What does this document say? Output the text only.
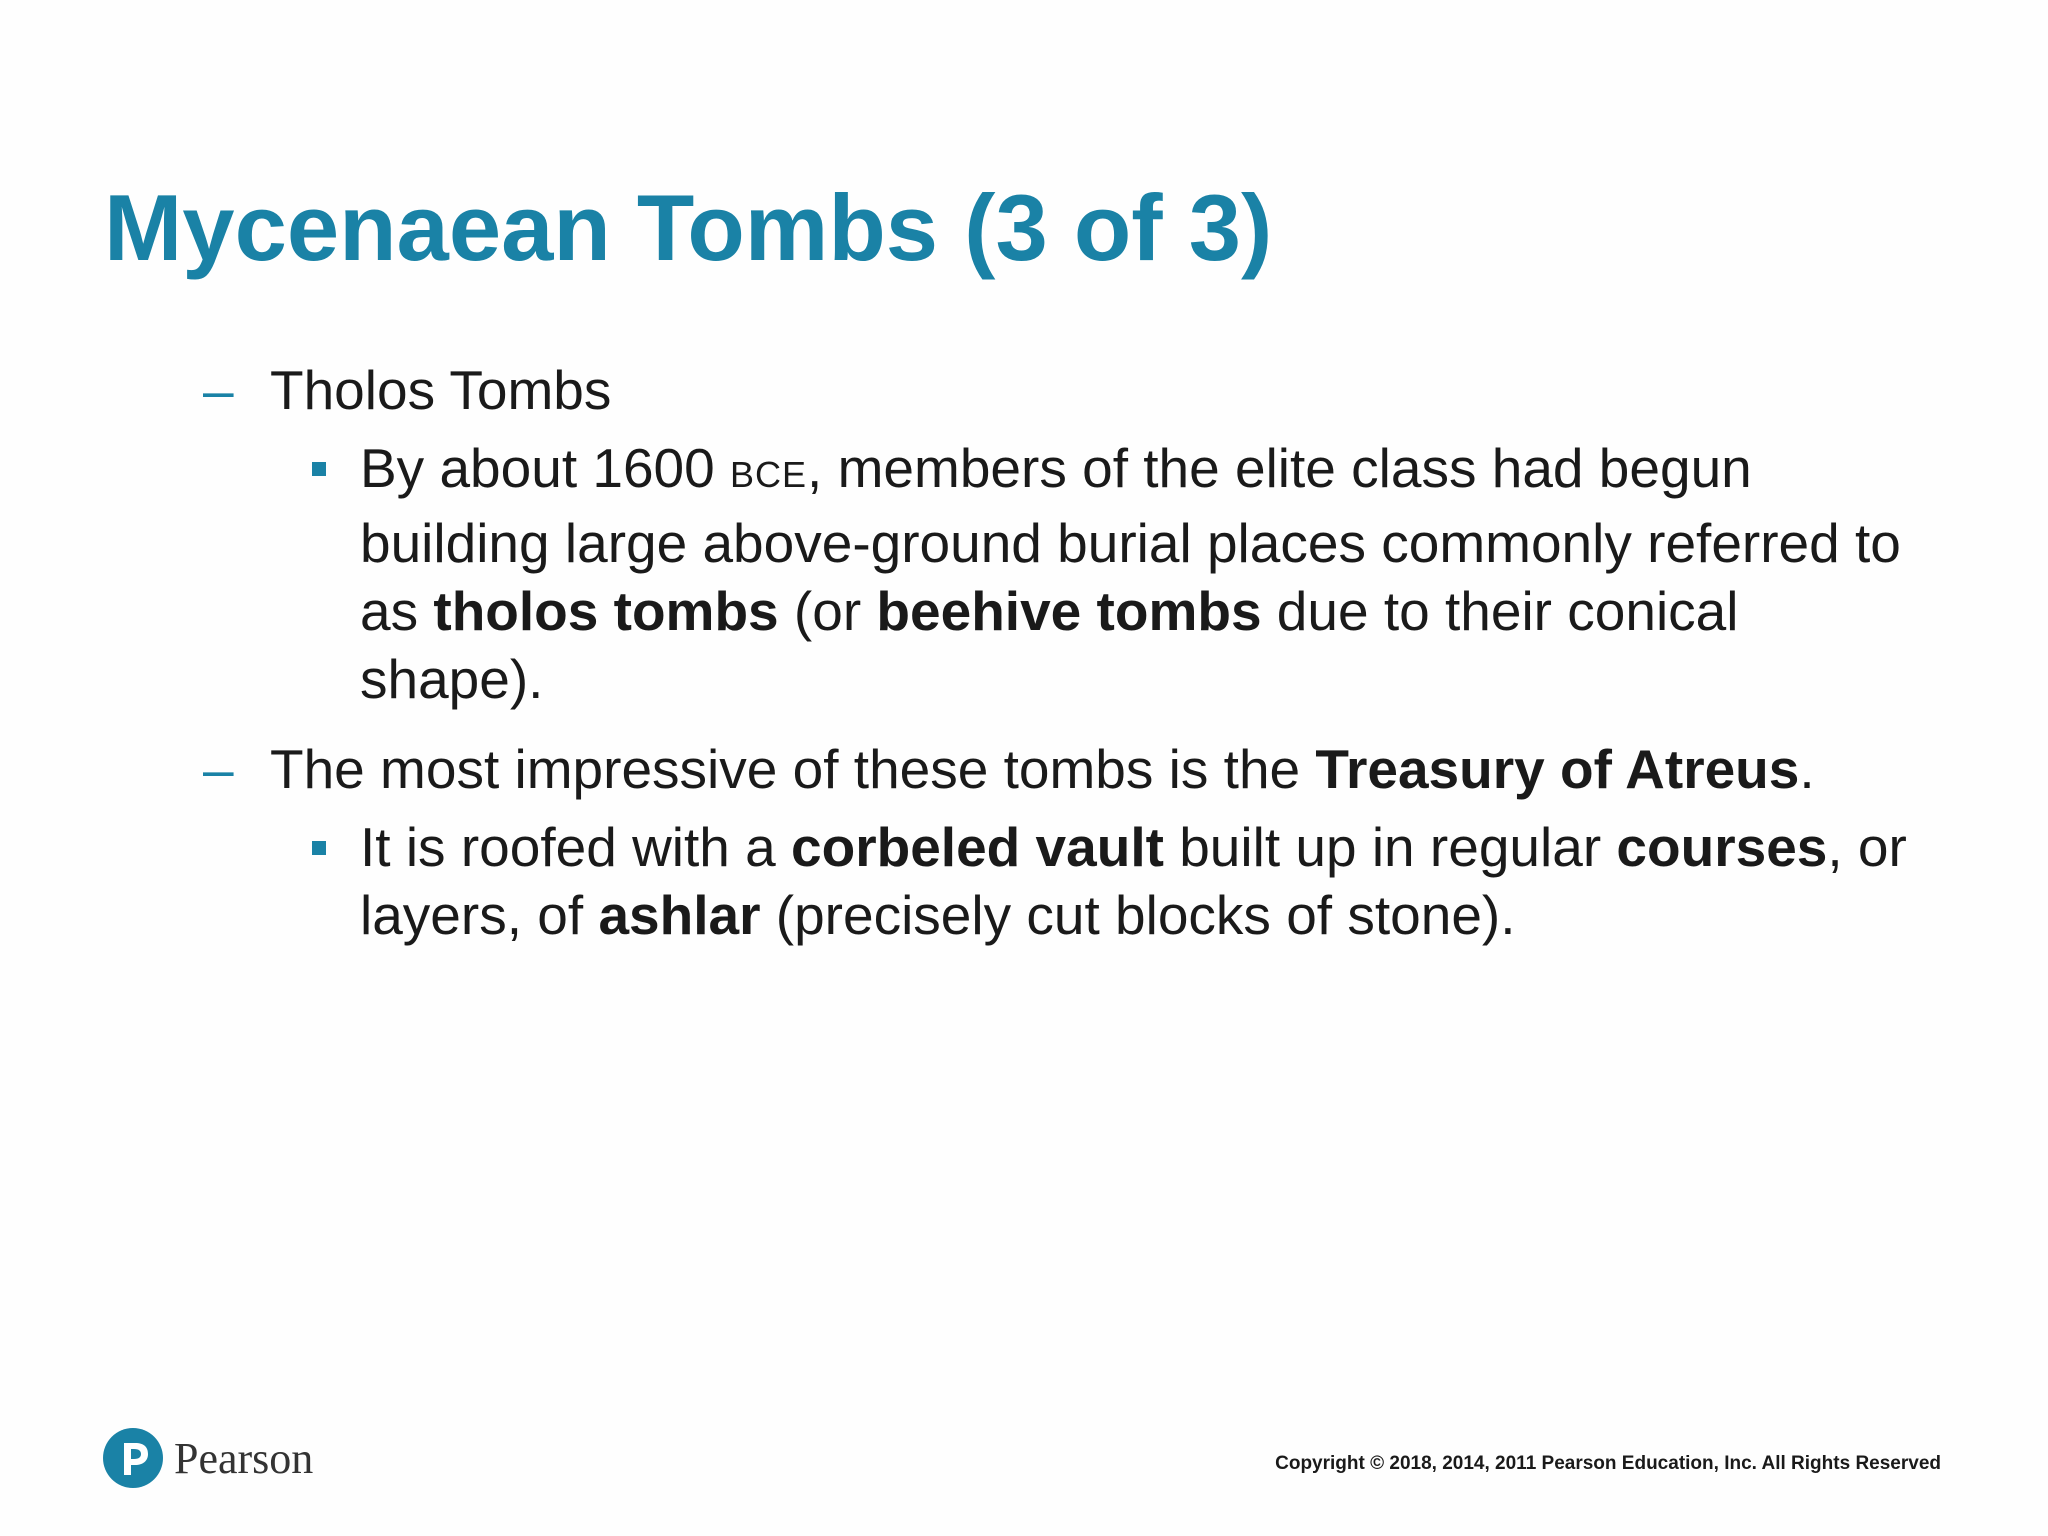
Mycenaean Tombs (3 of 3)
– Tholos Tombs
By about 1600 BCE, members of the elite class had begun building large above-ground burial places commonly referred to as tholos tombs (or beehive tombs due to their conical shape).
– The most impressive of these tombs is the Treasury of Atreus.
It is roofed with a corbeled vault built up in regular courses, or layers, of ashlar (precisely cut blocks of stone).
Pearson	Copyright © 2018, 2014, 2011 Pearson Education, Inc. All Rights Reserved
